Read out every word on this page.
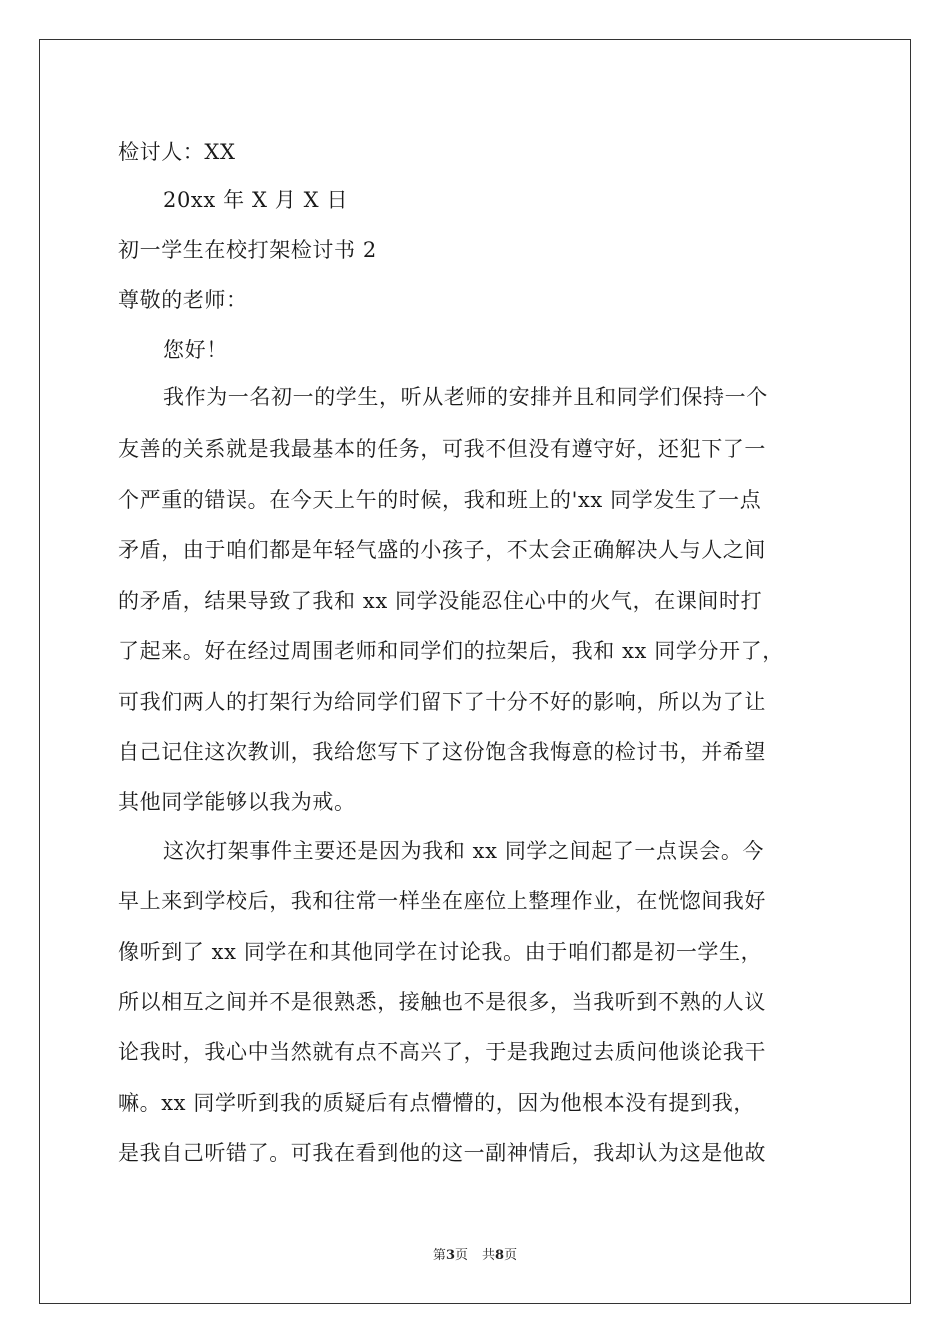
检讨人：XX
20xx 年 X 月 X 日
初一学生在校打架检讨书 2
尊敬的老师：
您好！
我作为一名初一的学生，听从老师的安排并且和同学们保持一个
友善的关系就是我最基本的任务，可我不但没有遵守好，还犯下了一
个严重的错误。在今天上午的时候，我和班上的'xx 同学发生了一点
矛盾，由于咱们都是年轻气盛的小孩子，不太会正确解决人与人之间
的矛盾，结果导致了我和 xx 同学没能忍住心中的火气，在课间时打
了起来。好在经过周围老师和同学们的拉架后，我和 xx 同学分开了，
可我们两人的打架行为给同学们留下了十分不好的影响，所以为了让
自己记住这次教训，我给您写下了这份饱含我悔意的检讨书，并希望
其他同学能够以我为戒。
这次打架事件主要还是因为我和 xx 同学之间起了一点误会。今
早上来到学校后，我和往常一样坐在座位上整理作业，在恍惚间我好
像听到了 xx 同学在和其他同学在讨论我。由于咱们都是初一学生，
所以相互之间并不是很熟悉，接触也不是很多，当我听到不熟的人议
论我时，我心中当然就有点不高兴了，于是我跑过去质问他谈论我干
嘛。xx 同学听到我的质疑后有点懵懵的，因为他根本没有提到我，
是我自己听错了。可我在看到他的这一副神情后，我却认为这是他故
第3页 共8页
